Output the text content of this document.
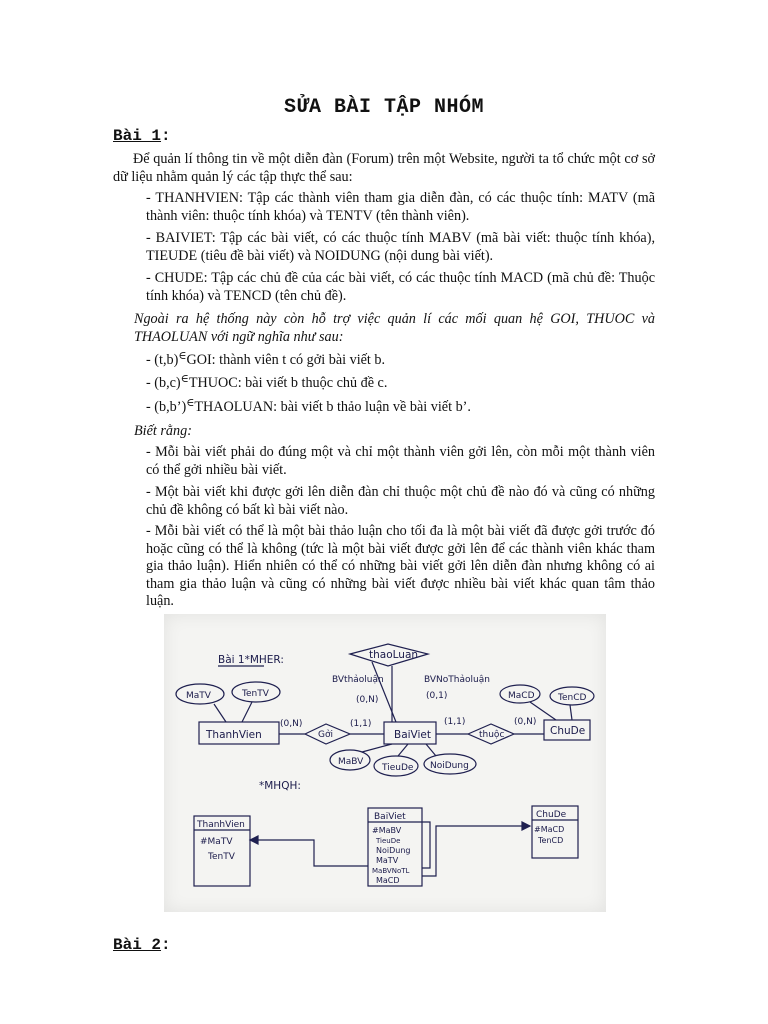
SỬA BÀI TẬP NHÓM
Bài 1:
Để quản lí thông tin về một diễn đàn (Forum) trên một Website, người ta tổ chức một cơ sở dữ liệu nhằm quản lý các tập thực thể sau:
- THANHVIEN: Tập các thành viên tham gia diễn đàn, có các thuộc tính: MATV (mã thành viên: thuộc tính khóa) và TENTV (tên thành viên).
- BAIVIET: Tập các bài viết, có các thuộc tính MABV (mã bài viết: thuộc tính khóa), TIEUDE (tiêu đề bài viết) và NOIDUNG (nội dung bài viết).
- CHUDE: Tập các chủ đề của các bài viết, có các thuộc tính MACD (mã chủ đề: Thuộc tính khóa) và TENCD (tên chủ đề).
Ngoài ra hệ thống này còn hỗ trợ việc quản lí các mối quan hệ GOI, THUOC và THAOLUAN với ngữ nghĩa như sau:
- (t,b)∈GOI: thành viên t có gởi bài viết b.
- (b,c)∈THUOC: bài viết b thuộc chủ đề c.
- (b,b’)∈THAOLUAN: bài viết b thảo luận về bài viết b’.
Biết rằng:
- Mỗi bài viết phải do đúng một và chỉ một thành viên gởi lên, còn mỗi một thành viên có thể gởi nhiều bài viết.
- Một bài viết khi được gởi lên diễn đàn chỉ thuộc một chủ đề nào đó và cũng có những chủ đề không có bất kì bài viết nào.
- Mỗi bài viết có thể là một bài thảo luận cho tối đa là một bài viết đã được gởi trước đó hoặc cũng có thể là không (tức là một bài viết được gởi lên để các thành viên khác tham gia thảo luận). Hiển nhiên có thể có những bài viết gởi lên diễn đàn nhưng không có ai tham gia thảo luận và cũng có những bài viết được nhiều bài viết khác quan tâm thảo luận.
Bài 1*MHER:
*MHQH:
thaoLuan
BVthảoluận	BVNoThảoluận
(0,N)	(0,1)
ThanhVien	Gởi	BaiViet	thuộc	ChuDe
(0,N)	(1,1)	(1,1)	(0,N)
MaTV	TenTV
MaBV
TieuDe NoiDung
MaCD	TenCD
ThanhVien
#MaTV
TenTV
BaiViet
#MaBV
TieuDe
NoiDung
MaTV
MaBVNoTL
MaCD
ChuDe
#MaCD
TenCD
Bài 2:
